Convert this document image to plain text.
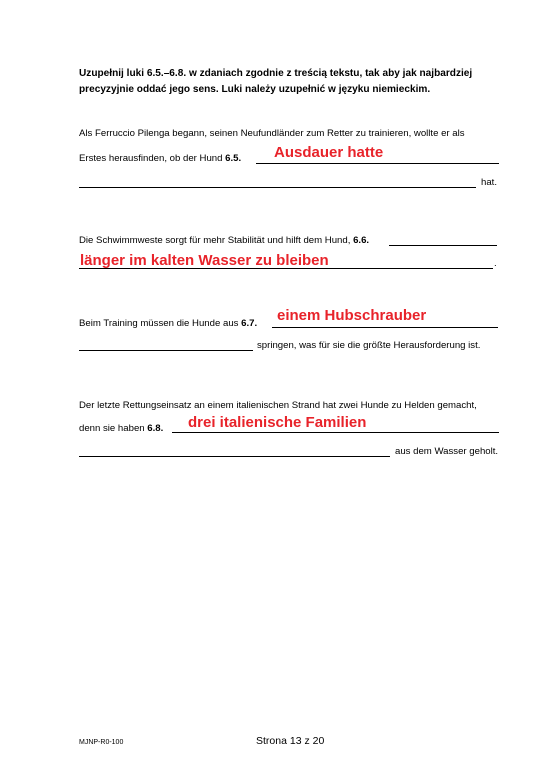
Uzupełnij luki 6.5.–6.8. w zdaniach zgodnie z treścią tekstu, tak aby jak najbardziej
precyzyjnie oddać jego sens. Luki należy uzupełnić w języku niemieckim.
Als Ferruccio Pilenga begann, seinen Neufundländer zum Retter zu trainieren, wollte er als
Erstes herausfinden, ob der Hund 6.5. Ausdauer hatte
hat.
Die Schwimmweste sorgt für mehr Stabilität und hilft dem Hund, 6.6.
länger im kalten Wasser zu bleiben	.
Beim Training müssen die Hunde aus 6.7. einem Hubschrauber
springen, was für sie die größte Herausforderung ist.
Der letzte Rettungseinsatz an einem italienischen Strand hat zwei Hunde zu Helden gemacht,
denn sie haben 6.8. drei italienische Familien
aus dem Wasser geholt.
MJNP-R0-100	Strona 13 z 20
